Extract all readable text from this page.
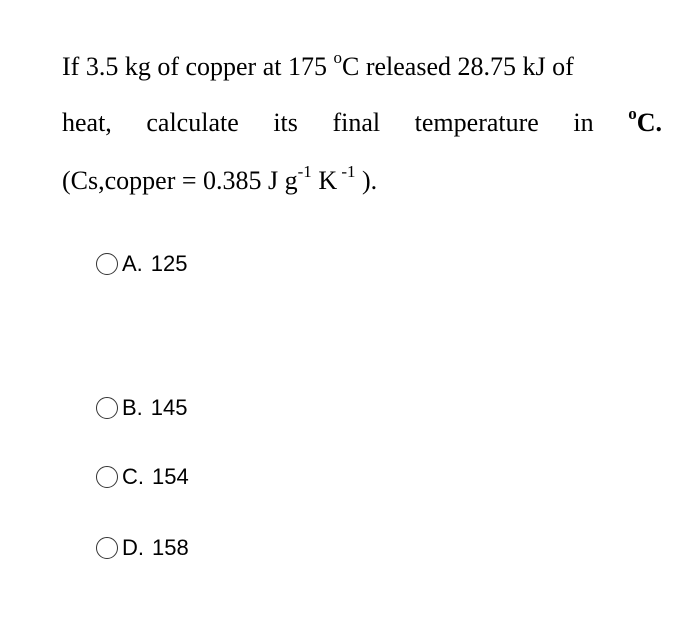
If 3.5 kg of copper at 175 $^o$C released 28.75 kJ of
heat, calculate its final temperature in $^o$C.
(Cs,copper = 0.385 J $g^{-1}$ K $^{-1}$ ).
A. 125
B. 145
C. 154
D. 158
